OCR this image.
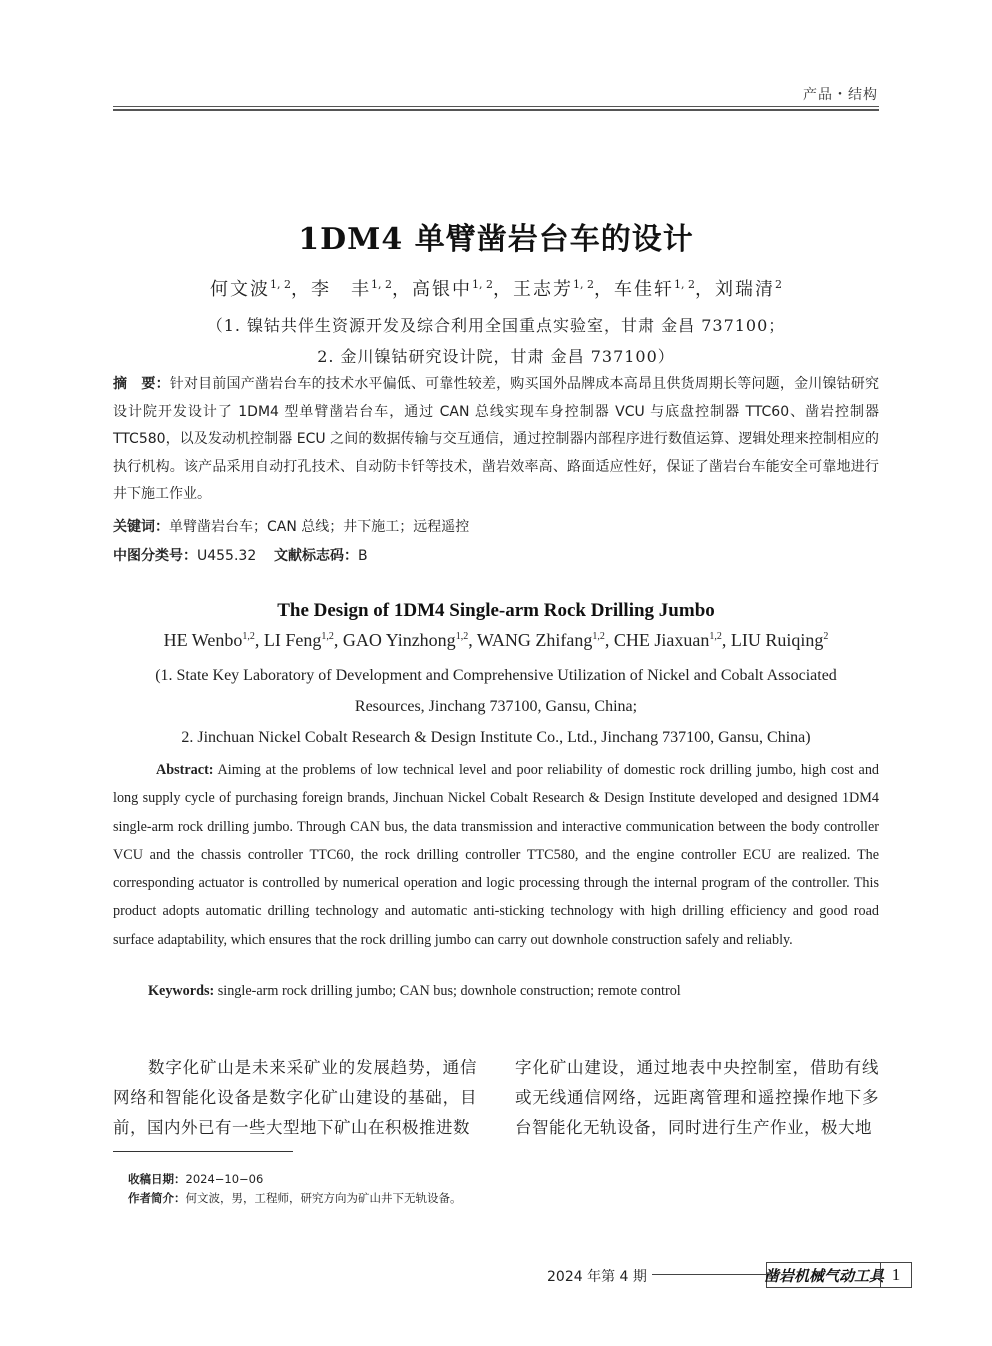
产品・结构
1DM4 单臂凿岩台车的设计
何文波$^{1, 2}$，李　丰$^{1, 2}$，高银中$^{1, 2}$，王志芳$^{1, 2}$，车佳轩$^{1, 2}$，刘瑞清$^2$
（1. 镍钴共伴生资源开发及综合利用全国重点实验室，甘肃 金昌 737100；
2. 金川镍钴研究设计院，甘肃 金昌 737100）
摘　要：针对目前国产凿岩台车的技术水平偏低、可靠性较差，购买国外品牌成本高昂且供货周期长等问题，金川镍钴研究设计院开发设计了 1DM4 型单臂凿岩台车，通过 CAN 总线实现车身控制器 VCU 与底盘控制器 TTC60、凿岩控制器 TTC580，以及发动机控制器 ECU 之间的数据传输与交互通信，通过控制器内部程序进行数值运算、逻辑处理来控制相应的执行机构。该产品采用自动打孔技术、自动防卡钎等技术，凿岩效率高、路面适应性好，保证了凿岩台车能安全可靠地进行井下施工作业。
关键词：单臂凿岩台车；CAN 总线；井下施工；远程遥控
中图分类号：U455.32 文献标志码：B
The Design of 1DM4 Single-arm Rock Drilling Jumbo
HE Wenbo$^{1,2}$, LI Feng$^{1,2}$, GAO Yinzhong$^{1,2}$, WANG Zhifang$^{1,2}$, CHE Jiaxuan$^{1,2}$, LIU Ruiqing$^2$
(1. State Key Laboratory of Development and Comprehensive Utilization of Nickel and Cobalt Associated
Resources, Jinchang 737100, Gansu, China;
2. Jinchuan Nickel Cobalt Research & Design Institute Co., Ltd., Jinchang 737100, Gansu, China)
Abstract: Aiming at the problems of low technical level and poor reliability of domestic rock drilling jumbo, high cost and long supply cycle of purchasing foreign brands, Jinchuan Nickel Cobalt Research & Design Institute developed and designed 1DM4 single-arm rock drilling jumbo. Through CAN bus, the data transmission and interactive communication between the body controller VCU and the chassis controller TTC60, the rock drilling controller TTC580, and the engine controller ECU are realized. The corresponding actuator is controlled by numerical operation and logic processing through the internal program of the controller. This product adopts automatic drilling technology and automatic anti-sticking technology with high drilling efficiency and good road surface adaptability, which ensures that the rock drilling jumbo can carry out downhole construction safely and reliably.
Keywords: single-arm rock drilling jumbo; CAN bus; downhole construction; remote control
数字化矿山是未来采矿业的发展趋势，通信网络和智能化设备是数字化矿山建设的基础，目前，国内外已有一些大型地下矿山在积极推进数
字化矿山建设，通过地表中央控制室，借助有线或无线通信网络，远距离管理和遥控操作地下多台智能化无轨设备，同时进行生产作业，极大地
收稿日期：2024−10−06
作者简介：何文波，男，工程师，研究方向为矿山井下无轨设备。
2024 年第 4 期	凿岩机械气动工具 1
